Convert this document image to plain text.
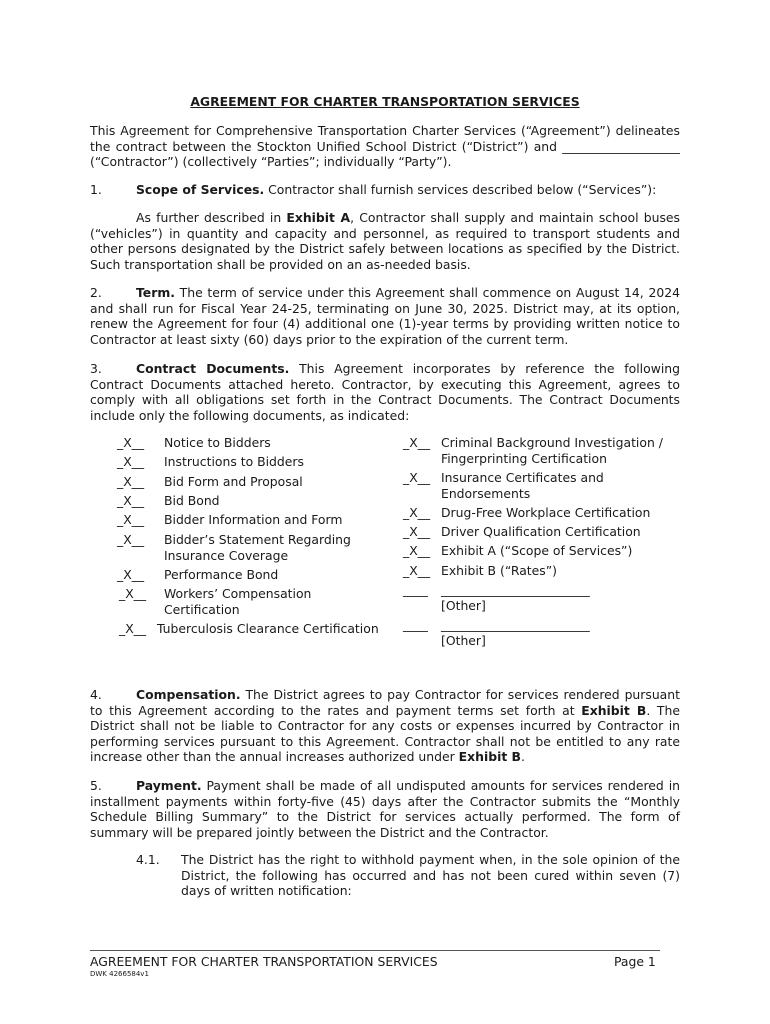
AGREEMENT FOR CHARTER TRANSPORTATION SERVICES
This Agreement for Comprehensive Transportation Charter Services (“Agreement”) delineates the contract between the Stockton Unified School District (“District”) and ___________________ (“Contractor”) (collectively “Parties”; individually “Party”).
1.	Scope of Services. Contractor shall furnish services described below (“Services”):
As further described in Exhibit A, Contractor shall supply and maintain school buses (“vehicles”) in quantity and capacity and personnel, as required to transport students and other persons designated by the District safely between locations as specified by the District. Such transportation shall be provided on an as-needed basis.
2.	Term. The term of service under this Agreement shall commence on August 14, 2024 and shall run for Fiscal Year 24-25, terminating on June 30, 2025. District may, at its option, renew the Agreement for four (4) additional one (1)-year terms by providing written notice to Contractor at least sixty (60) days prior to the expiration of the current term.
3.	Contract Documents. This Agreement incorporates by reference the following Contract Documents attached hereto. Contractor, by executing this Agreement, agrees to comply with all obligations set forth in the Contract Documents. The Contract Documents include only the following documents, as indicated:
_X__ Notice to Bidders
_X__ Instructions to Bidders
_X__ Bid Form and Proposal
_X__ Bid Bond
_X__ Bidder Information and Form
_X__ Bidder’s Statement Regarding
Insurance Coverage
_X__ Performance Bond
_X__ Workers’ Compensation
Certification
_X__ Tuberculosis Clearance Certification
_X__ Criminal Background Investigation /
Fingerprinting Certification
_X__ Insurance Certificates and
Endorsements
_X__ Drug-Free Workplace Certification
_X__ Driver Qualification Certification
_X__ Exhibit A (“Scope of Services”)
_X__ Exhibit B (“Rates”)
____ ________________________
[Other]
____ ________________________
[Other]
4.	Compensation. The District agrees to pay Contractor for services rendered pursuant to this Agreement according to the rates and payment terms set forth at Exhibit B. The District shall not be liable to Contractor for any costs or expenses incurred by Contractor in performing services pursuant to this Agreement. Contractor shall not be entitled to any rate increase other than the annual increases authorized under Exhibit B.
5.	Payment. Payment shall be made of all undisputed amounts for services rendered in installment payments within forty-five (45) days after the Contractor submits the “Monthly Schedule Billing Summary” to the District for services actually performed. The form of summary will be prepared jointly between the District and the Contractor.
4.1. The District has the right to withhold payment when, in the sole opinion of the District, the following has occurred and has not been cured within seven (7) days of written notification:
AGREEMENT FOR CHARTER TRANSPORTATION SERVICES	Page 1
DWK 4266584v1
